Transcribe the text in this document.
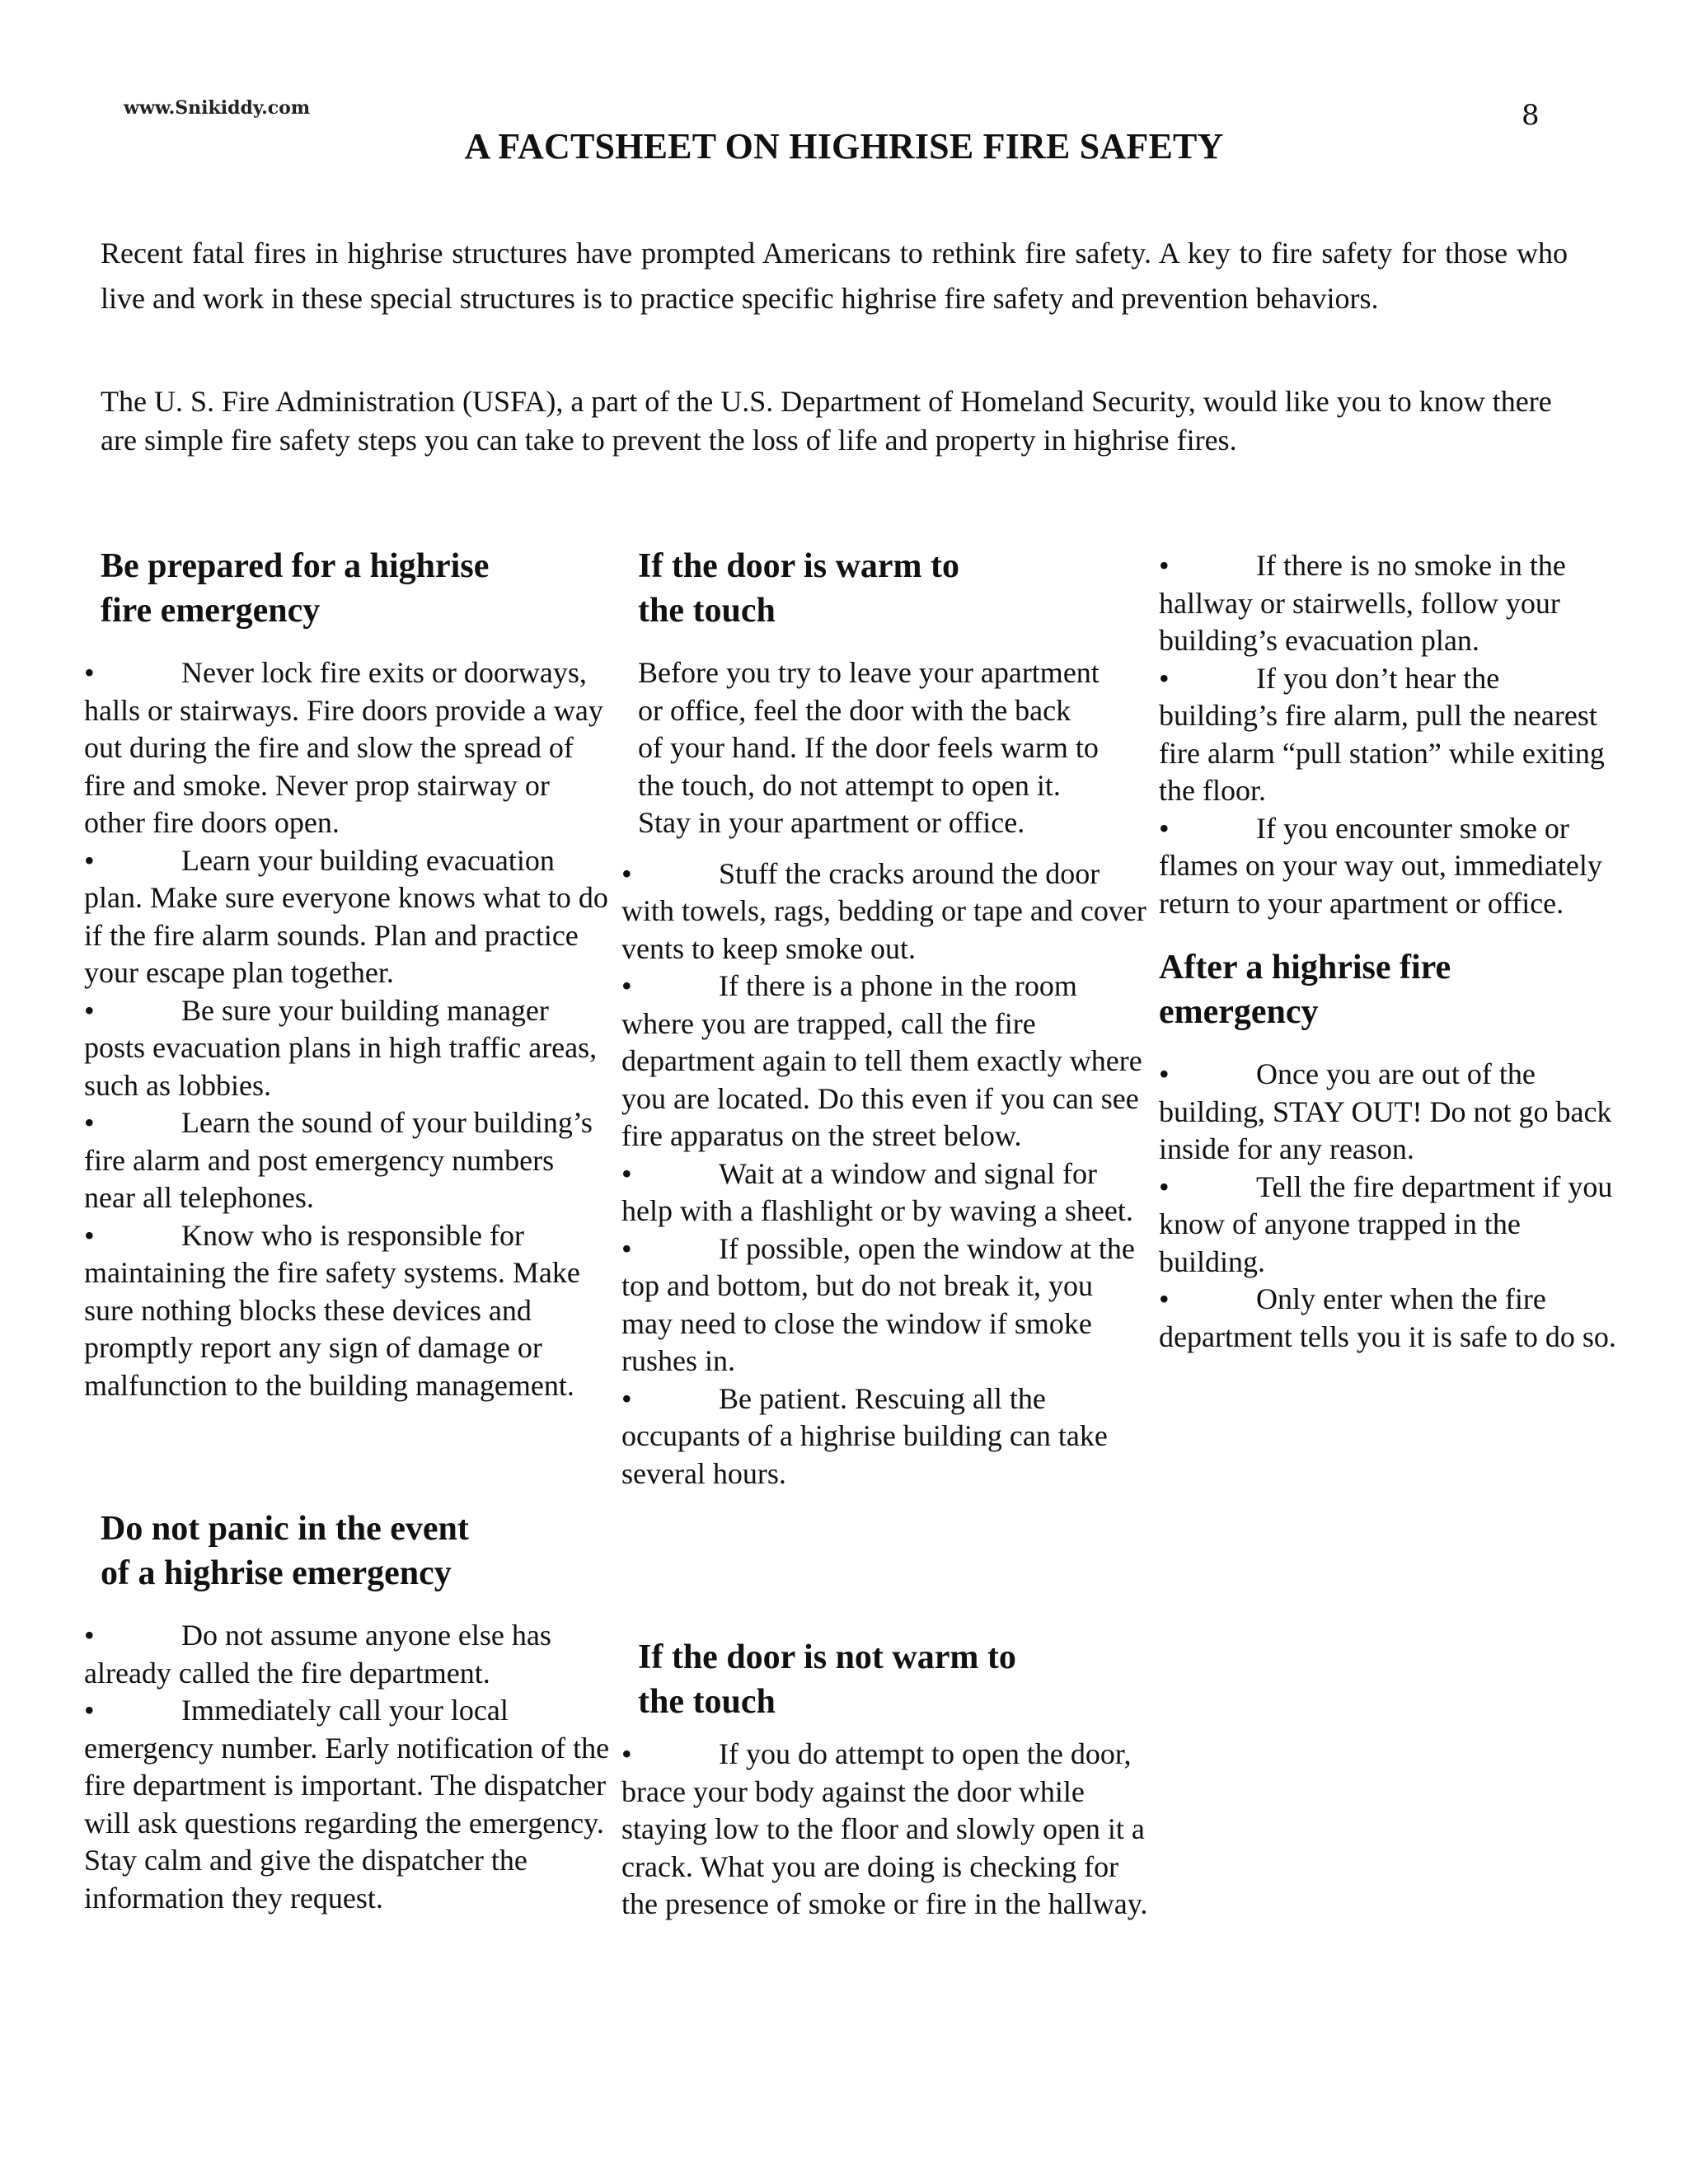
www.Snikiddy.com	8
A FACTSHEET ON HIGHRISE FIRE SAFETY
Recent fatal fires in highrise structures have prompted Americans to rethink fire safety. A key to fire safety for those who live and work in these special structures is to practice specific highrise fire safety and prevention behaviors.
The U. S. Fire Administration (USFA), a part of the U.S. Department of Homeland Security, would like you to know there are simple fire safety steps you can take to prevent the loss of life and property in highrise fires.
Be prepared for a highrise
fire emergency

•	Never lock fire exits or doorways, halls or stairways. Fire doors provide a way out during the fire and slow the spread of fire and smoke. Never prop stairway or other fire doors open.

•	Learn your building evacuation plan. Make sure everyone knows what to do if the fire alarm sounds. Plan and practice your escape plan together.

•	Be sure your building manager posts evacuation plans in high traffic areas, such as lobbies.

•	Learn the sound of your building’s fire alarm and post emergency numbers near all telephones.

•	Know who is responsible for maintaining the fire safety systems. Make sure nothing blocks these devices and promptly report any sign of damage or malfunction to the building management.

Do not panic in the event
of a highrise emergency

•	Do not assume anyone else has already called the fire department.

•	Immediately call your local emergency number. Early notification of the fire department is important. The dispatcher will ask questions regarding the emergency. Stay calm and give the dispatcher the information they request.

If the door is warm to
the touch

Before you try to leave your apartment or office, feel the door with the back of your hand. If the door feels warm to the touch, do not attempt to open it. Stay in your apartment or office.

•	Stuff the cracks around the door with towels, rags, bedding or tape and cover vents to keep smoke out.

•	If there is a phone in the room where you are trapped, call the fire department again to tell them exactly where you are located. Do this even if you can see fire apparatus on the street below.

•	Wait at a window and signal for help with a flashlight or by waving a sheet.

•	If possible, open the window at the top and bottom, but do not break it, you may need to close the window if smoke rushes in.

•	Be patient. Rescuing all the occupants of a highrise building can take several hours.

If the door is not warm to
the touch

•	If you do attempt to open the door, brace your body against the door while staying low to the floor and slowly open it a crack. What you are doing is checking for the presence of smoke or fire in the hallway.

•	If there is no smoke in the hallway or stairwells, follow your building’s evacuation plan.

•	If you don’t hear the building’s fire alarm, pull the nearest fire alarm “pull station” while exiting the floor.

•	If you encounter smoke or flames on your way out, immediately return to your apartment or office.

After a highrise fire
emergency

•	Once you are out of the building, STAY OUT! Do not go back inside for any reason.

•	Tell the fire department if you know of anyone trapped in the building.

•	Only enter when the fire department tells you it is safe to do so.
